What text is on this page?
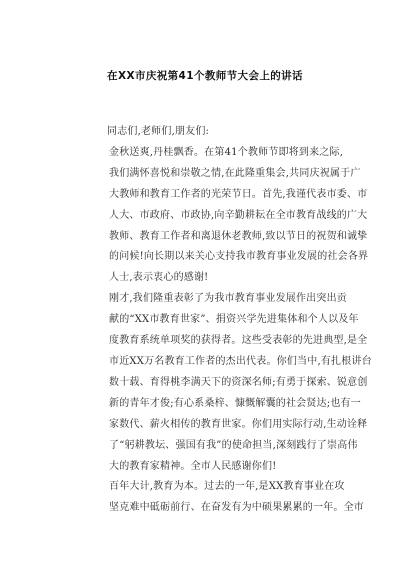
在XX市庆祝第41个教师节大会上的讲话

同志们,老师们,朋友们:

金秋送爽,丹桂飘香。在第41个教师节即将到来之际,
我们满怀喜悦和崇敬之情,在此隆重集会,共同庆祝属于广
大教师和教育工作者的光荣节日。首先,我谨代表市委、市
人大、市政府、市政协,向辛勤耕耘在全市教育战线的广大
教师、教育工作者和离退休老教师,致以节日的祝贺和诚挚
的问候!向长期以来关心支持我市教育事业发展的社会各界
人士,表示衷心的感谢!

刚才,我们隆重表彰了为我市教育事业发展作出突出贡
献的“XX市教育世家”、捐资兴学先进集体和个人以及年
度教育系统单项奖的获得者。这些受表彰的先进典型,是全
市近XX万名教育工作者的杰出代表。你们当中,有扎根讲台
数十载、育得桃李满天下的资深名师;有勇于探索、锐意创
新的青年才俊;有心系桑梓、慷慨解囊的社会贤达;也有一
家数代、薪火相传的教育世家。你们用实际行动,生动诠释
了“躬耕教坛、强国有我”的使命担当,深刻践行了崇高伟
大的教育家精神。全市人民感谢你们!

百年大计,教育为本。过去的一年,是XX教育事业在攻
坚克难中砥砺前行、在奋发有为中硕果累累的一年。全市
